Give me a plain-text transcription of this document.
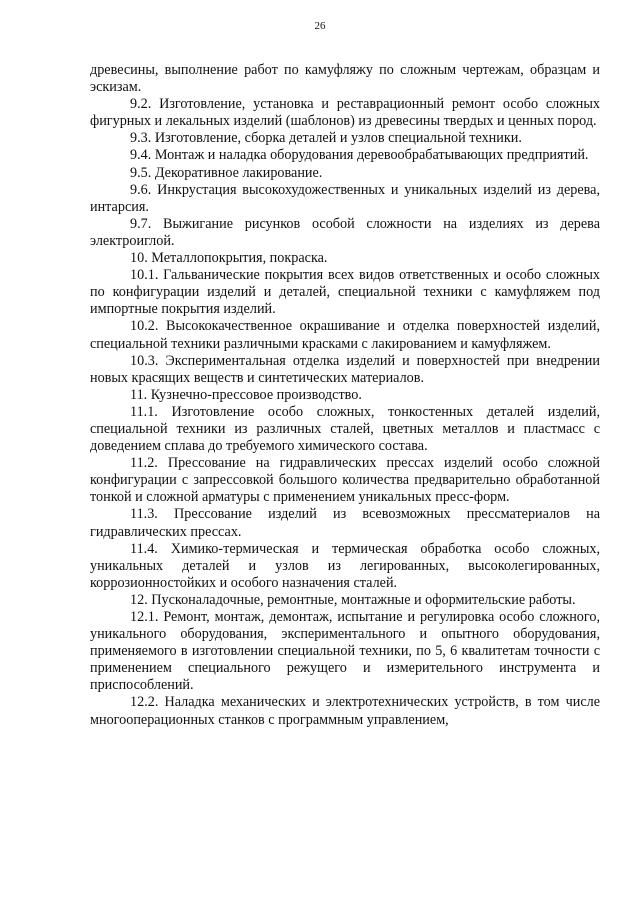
26

древесины, выполнение работ по камуфляжу по сложным чертежам, образцам и эскизам.

9.2. Изготовление, установка и реставрационный ремонт особо сложных фигурных и лекальных изделий (шаблонов) из древесины твердых и ценных пород.

9.3. Изготовление, сборка деталей и узлов специальной техники.

9.4. Монтаж и наладка оборудования деревообрабатывающих предприятий.

9.5. Декоративное лакирование.

9.6. Инкрустация высокохудожественных и уникальных изделий из дерева, интарсия.

9.7. Выжигание рисунков особой сложности на изделиях из дерева электроиглой.

10. Металлопокрытия, покраска.

10.1. Гальванические покрытия всех видов ответственных и особо сложных по конфигурации изделий и деталей, специальной техники с камуфляжем под импортные покрытия изделий.

10.2. Высококачественное окрашивание и отделка поверхностей изделий, специальной техники различными красками с лакированием и камуфляжем.

10.3. Экспериментальная отделка изделий и поверхностей при внедрении новых красящих веществ и синтетических материалов.

11. Кузнечно-прессовое производство.

11.1. Изготовление особо сложных, тонкостенных деталей изделий, специальной техники из различных сталей, цветных металлов и пластмасс с доведением сплава до требуемого химического состава.

11.2. Прессование на гидравлических прессах изделий особо сложной конфигурации с запрессовкой большого количества предварительно обработанной тонкой и сложной арматуры с применением уникальных пресс-форм.

11.3. Прессование изделий из всевозможных прессматериалов на гидравлических прессах.

11.4. Химико-термическая и термическая обработка особо сложных, уникальных деталей и узлов из легированных, высоколегированных, коррозионностойких и особого назначения сталей.

12. Пусконаладочные, ремонтные, монтажные и оформительские работы.

12.1. Ремонт, монтаж, демонтаж, испытание и регулировка особо сложного, уникального оборудования, экспериментального и опытного оборудования, применяемого в изготовлении специальной техники, по 5, 6 квалитетам точности с применением специального режущего и измерительного инструмента и приспособлений.

12.2. Наладка механических и электротехнических устройств, в том числе многооперационных станков с программным управлением,
